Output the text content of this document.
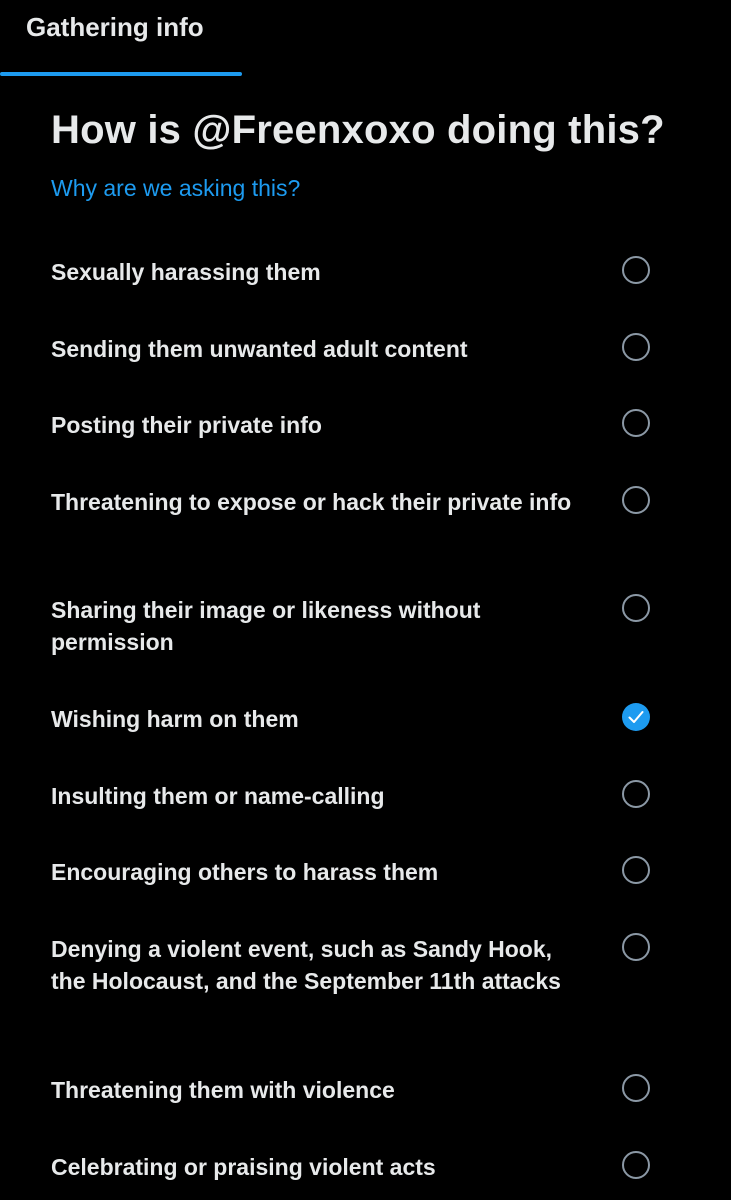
Gathering info
How is @Freenxoxo doing this?
Why are we asking this?
Sexually harassing them
Sending them unwanted adult content
Posting their private info
Threatening to expose or hack their private info
Sharing their image or likeness without permission
Wishing harm on them
Insulting them or name-calling
Encouraging others to harass them
Denying a violent event, such as Sandy Hook, the Holocaust, and the September 11th attacks
Threatening them with violence
Celebrating or praising violent acts
